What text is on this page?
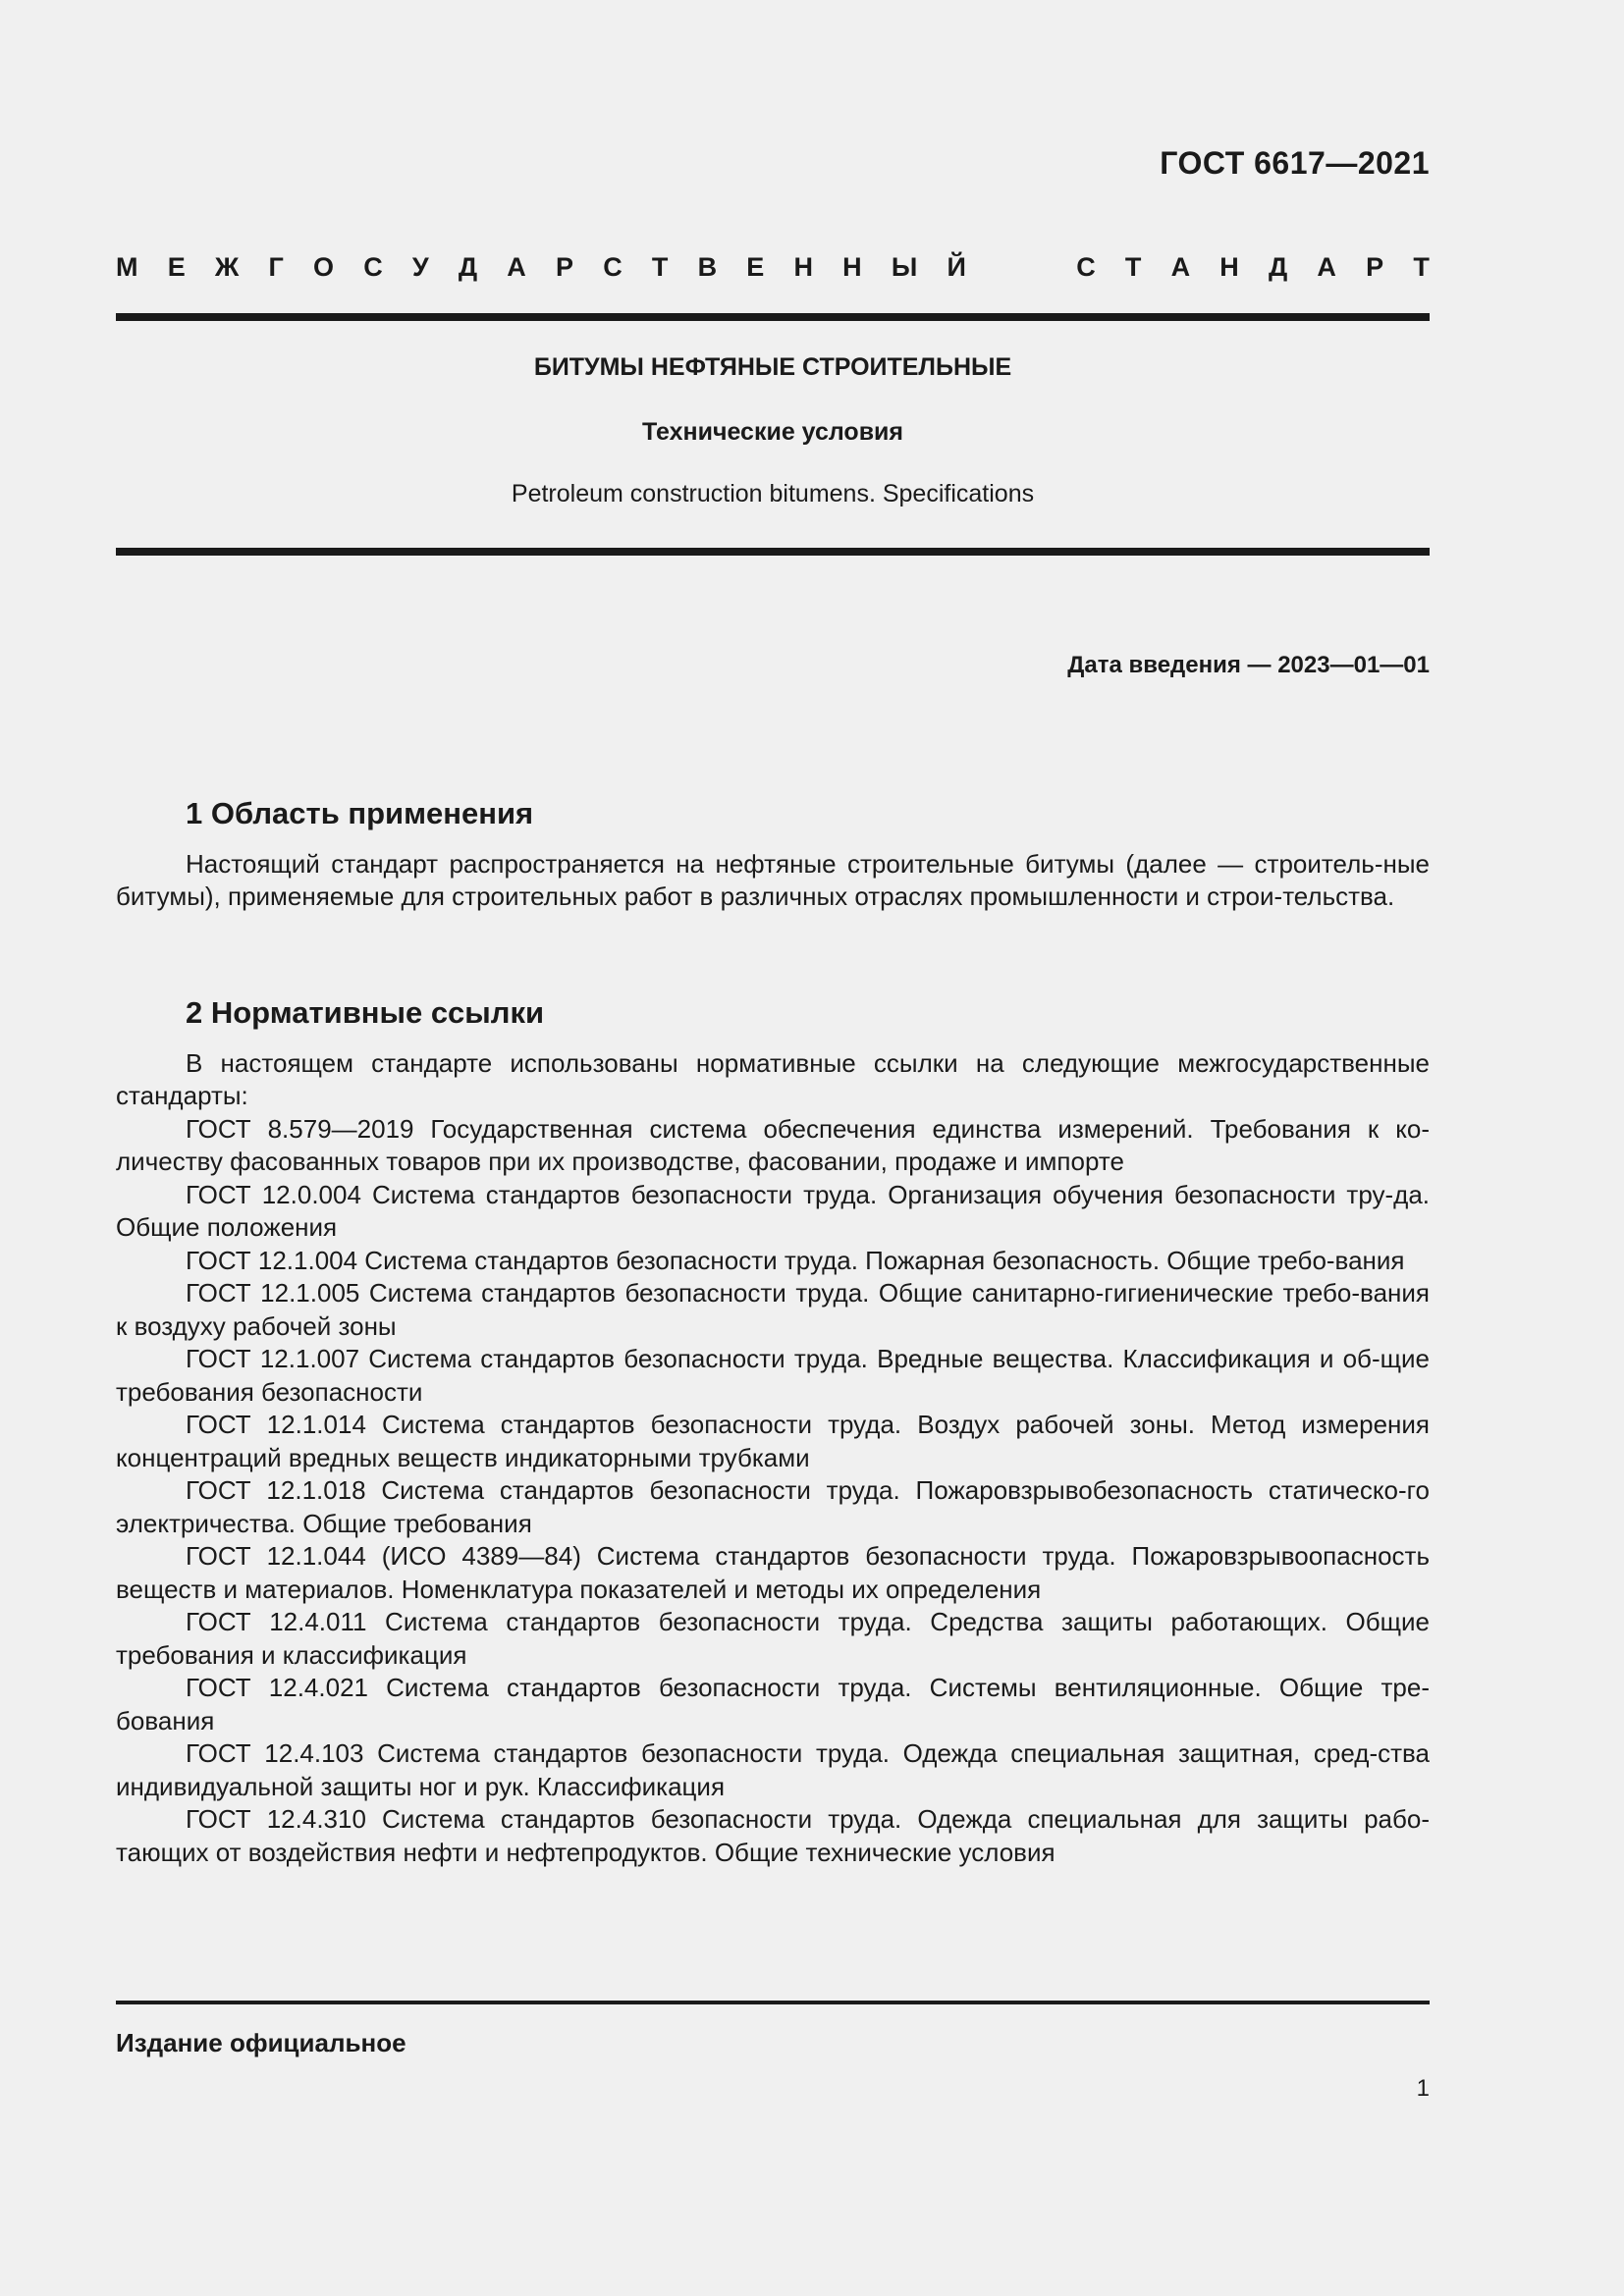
ГОСТ 6617—2021
М Е Ж Г О С У Д А Р С Т В Е Н Н Ы Й	С Т А Н Д А Р Т
БИТУМЫ НЕФТЯНЫЕ СТРОИТЕЛЬНЫЕ
Технические условия
Petroleum construction bitumens. Specifications
Дата введения — 2023—01—01
1 Область применения

Настоящий стандарт распространяется на нефтяные строительные битумы (далее — строитель-ные битумы), применяемые для строительных работ в различных отраслях промышленности и строи-тельства.

2 Нормативные ссылки

В настоящем стандарте использованы нормативные ссылки на следующие межгосударственные стандарты:

ГОСТ 8.579—2019 Государственная система обеспечения единства измерений. Требования к ко-личеству фасованных товаров при их производстве, фасовании, продаже и импорте

ГОСТ 12.0.004 Система стандартов безопасности труда. Организация обучения безопасности тру-да. Общие положения

ГОСТ 12.1.004 Система стандартов безопасности труда. Пожарная безопасность. Общие требо-вания

ГОСТ 12.1.005 Система стандартов безопасности труда. Общие санитарно-гигиенические требо-вания к воздуху рабочей зоны

ГОСТ 12.1.007 Система стандартов безопасности труда. Вредные вещества. Классификация и об-щие требования безопасности

ГОСТ 12.1.014 Система стандартов безопасности труда. Воздух рабочей зоны. Метод измерения концентраций вредных веществ индикаторными трубками

ГОСТ 12.1.018 Система стандартов безопасности труда. Пожаровзрывобезопасность статическо-го электричества. Общие требования

ГОСТ 12.1.044 (ИСО 4389—84) Система стандартов безопасности труда. Пожаровзрывоопасность веществ и материалов. Номенклатура показателей и методы их определения

ГОСТ 12.4.011 Система стандартов безопасности труда. Средства защиты работающих. Общие требования и классификация

ГОСТ 12.4.021 Система стандартов безопасности труда. Системы вентиляционные. Общие тре-бования

ГОСТ 12.4.103 Система стандартов безопасности труда. Одежда специальная защитная, сред-ства индивидуальной защиты ног и рук. Классификация

ГОСТ 12.4.310 Система стандартов безопасности труда. Одежда специальная для защиты рабо-тающих от воздействия нефти и нефтепродуктов. Общие технические условия

Издание официальное
1
